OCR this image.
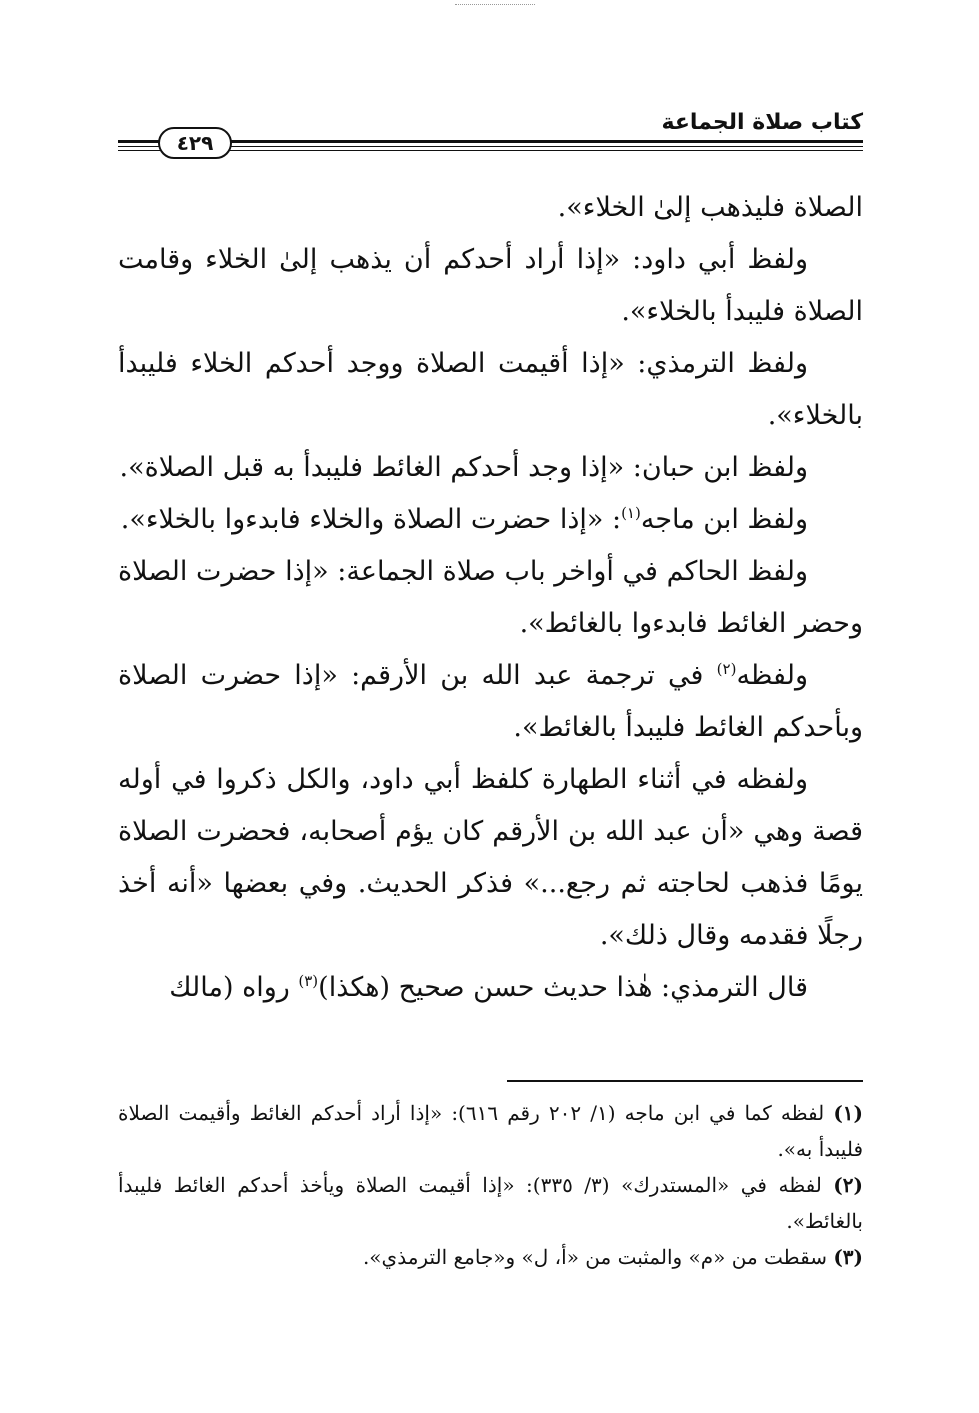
كتاب صلاة الجماعة
٤٢٩

الصلاة فليذهب إلىٰ الخلاء».

ولفظ أبي داود: «إذا أراد أحدكم أن يذهب إلىٰ الخلاء وقامت الصلاة فليبدأ بالخلاء».

ولفظ الترمذي: «إذا أقيمت الصلاة ووجد أحدكم الخلاء فليبدأ بالخلاء».

ولفظ ابن حبان: «إذا وجد أحدكم الغائط فليبدأ به قبل الصلاة».

ولفظ ابن ماجه$^{(١)}$: «إذا حضرت الصلاة والخلاء فابدءوا بالخلاء».

ولفظ الحاكم في أواخر باب صلاة الجماعة: «إذا حضرت الصلاة وحضر الغائط فابدءوا بالغائط».

ولفظه$^{(٢)}$ في ترجمة عبد الله بن الأرقم: «إذا حضرت الصلاة وبأحدكم الغائط فليبدأ بالغائط».

ولفظه في أثناء الطهارة كلفظ أبي داود، والكل ذكروا في أوله قصة وهي «أن عبد الله بن الأرقم كان يؤم أصحابه، فحضرت الصلاة يومًا فذهب لحاجته ثم رجع...» فذكر الحديث. وفي بعضها «أنه أخذ رجلًا فقدمه وقال ذلك».

قال الترمذي: هٰذا حديث حسن صحيح (هكذا)$^{(٣)}$ رواه (مالك

(١) لفظه كما في ابن ماجه (١/ ٢٠٢ رقم ٦١٦): «إذا أراد أحدكم الغائط وأقيمت الصلاة فليبدأ به».

(٢) لفظه في «المستدرك» (٣/ ٣٣٥): «إذا أقيمت الصلاة ويأخذ أحدكم الغائط فليبدأ بالغائط».

(٣) سقطت من «م» والمثبت من «أ، ل» و«جامع الترمذي».
